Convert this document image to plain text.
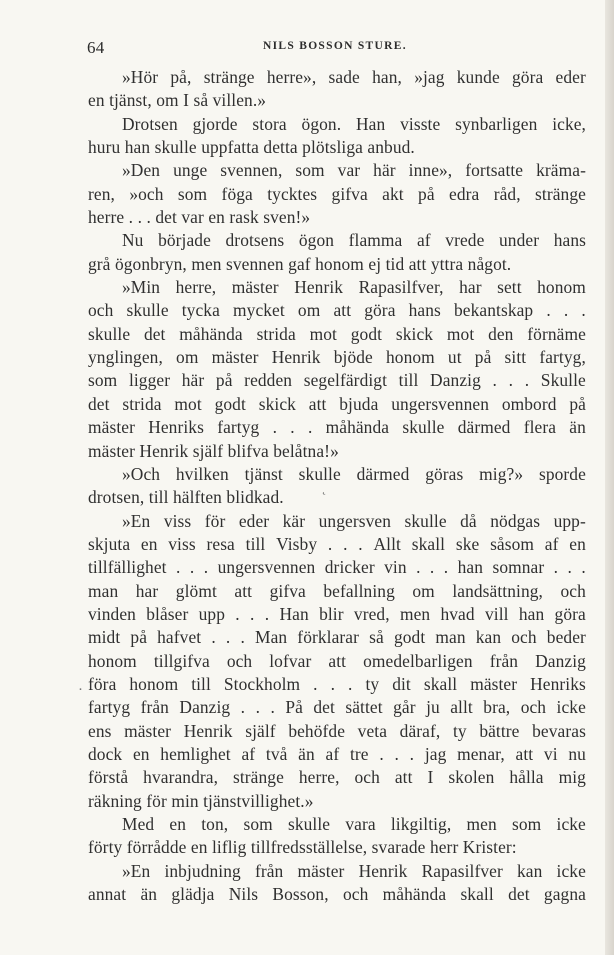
64	NILS BOSSON STURE.
»Hör på, stränge herre», sade han, »jag kunde göra eder
en tjänst, om I så villen.»
Drotsen gjorde stora ögon. Han visste synbarligen icke,
huru han skulle uppfatta detta plötsliga anbud.
»Den unge svennen, som var här inne», fortsatte kräma-
ren, »och som föga tycktes gifva akt på edra råd, stränge
herre . . . det var en rask sven!»
Nu började drotsens ögon flamma af vrede under hans
grå ögonbryn, men svennen gaf honom ej tid att yttra något.
»Min herre, mäster Henrik Rapasilfver, har sett honom
och skulle tycka mycket om att göra hans bekantskap . . .
skulle det måhända strida mot godt skick mot den förnäme
ynglingen, om mäster Henrik bjöde honom ut på sitt fartyg,
som ligger här på redden segelfärdigt till Danzig . . . Skulle
det strida mot godt skick att bjuda ungersvennen ombord på
mäster Henriks fartyg . . . måhända skulle därmed flera än
mäster Henrik själf blifva belåtna!»
»Och hvilken tjänst skulle därmed göras mig?» sporde
drotsen, till hälften blidkad.
»En viss för eder kär ungersven skulle då nödgas upp-
skjuta en viss resa till Visby . . . Allt skall ske såsom af en
tillfällighet . . . ungersvennen dricker vin . . . han somnar . . .
man har glömt att gifva befallning om landsättning, och
vinden blåser upp . . . Han blir vred, men hvad vill han göra
midt på hafvet . . . Man förklarar så godt man kan och beder
honom tillgifva och lofvar att omedelbarligen från Danzig
föra honom till Stockholm . . . ty dit skall mäster Henriks
fartyg från Danzig . . . På det sättet går ju allt bra, och icke
ens mäster Henrik själf behöfde veta däraf, ty bättre bevaras
dock en hemlighet af två än af tre . . . jag menar, att vi nu
förstå hvarandra, stränge herre, och att I skolen hålla mig
räkning för min tjänstvillighet.»
Med en ton, som skulle vara likgiltig, men som icke
förty förrådde en liflig tillfredsställelse, svarade herr Krister:
»En inbjudning från mäster Henrik Rapasilfver kan icke
annat än glädja Nils Bosson, och måhända skall det gagna
·
˛
